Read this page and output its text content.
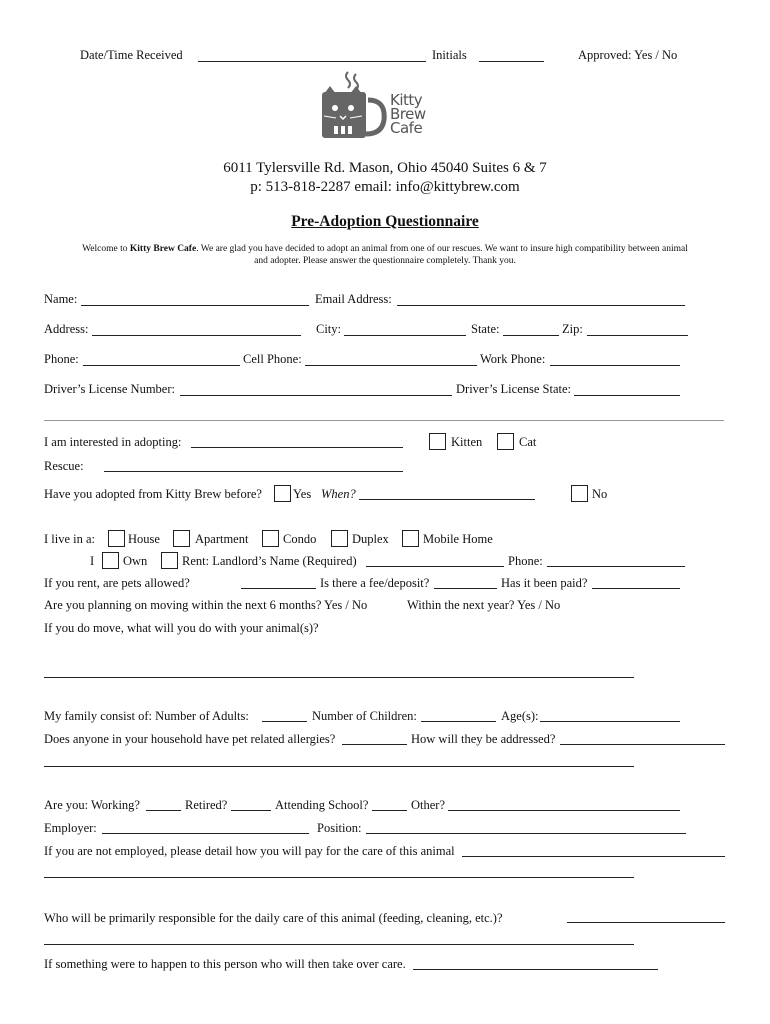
Date/Time Received	Initials	Approved: Yes / No
Kitty
Brew
Cafe
6011 Tylersville Rd. Mason, Ohio 45040 Suites 6 & 7
p: 513-818-2287 email: info@kittybrew.com
Pre-Adoption Questionnaire
Welcome to Kitty Brew Cafe. We are glad you have decided to adopt an animal from one of our rescues. We want to insure high compatibility between animal
and adopter. Please answer the questionnaire completely. Thank you.
Name:	Email Address:
Address:	City:	State:	Zip:
Phone:	Cell Phone:	Work Phone:
Driver’s License Number:	Driver’s License State:
I am interested in adopting:	Kitten	Cat
Rescue:
Have you adopted from Kitty Brew before? Yes When?	No
I live in a:	House	Apartment	Condo	Duplex	Mobile Home
I Own	Rent: Landlord’s Name (Required)	Phone:
If you rent, are pets allowed?	Is there a fee/deposit?	Has it been paid?
Are you planning on moving within the next 6 months? Yes / No	Within the next year? Yes / No
If you do move, what will you do with your animal(s)?
My family consist of: Number of Adults:	Number of Children:	Age(s):
Does anyone in your household have pet related allergies?	How will they be addressed?
Are you: Working?	Retired?	Attending School?	Other?
Employer:	Position:
If you are not employed, please detail how you will pay for the care of this animal
Who will be primarily responsible for the daily care of this animal (feeding, cleaning, etc.)?
If something were to happen to this person who will then take over care.
